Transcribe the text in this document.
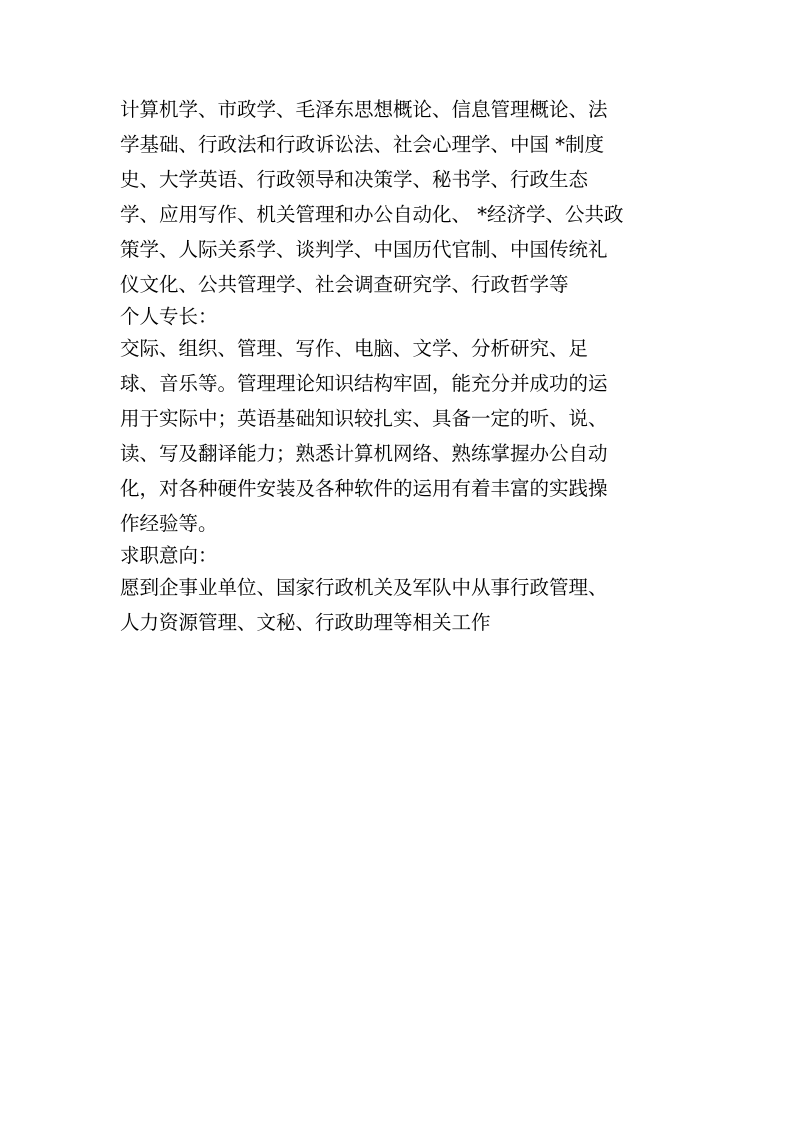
计算机学、市政学、毛泽东思想概论、信息管理概论、法
学基础、行政法和行政诉讼法、社会心理学、中国 *制度
史、大学英语、行政领导和决策学、秘书学、行政生态
学、应用写作、机关管理和办公自动化、 *经济学、公共政
策学、人际关系学、谈判学、中国历代官制、中国传统礼
仪文化、公共管理学、社会调查研究学、行政哲学等
个人专长：
交际、组织、管理、写作、电脑、文学、分析研究、足
球、音乐等。管理理论知识结构牢固，能充分并成功的运
用于实际中；英语基础知识较扎实、具备一定的听、说、
读、写及翻译能力；熟悉计算机网络、熟练掌握办公自动
化，对各种硬件安装及各种软件的运用有着丰富的实践操
作经验等。
求职意向：
愿到企事业单位、国家行政机关及军队中从事行政管理、
人力资源管理、文秘、行政助理等相关工作
